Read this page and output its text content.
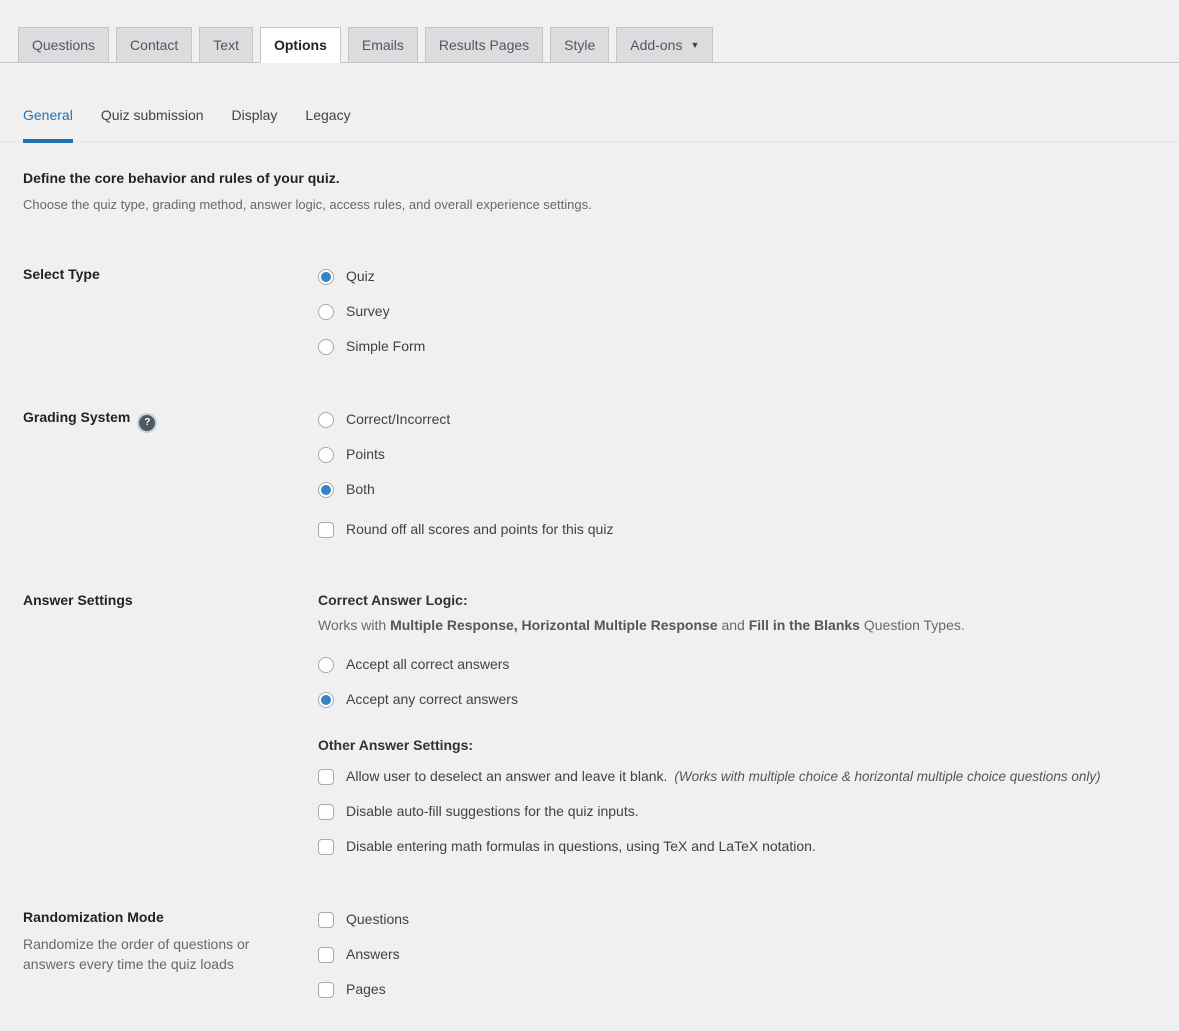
Questions	Contact	Text	Options	Emails	Results Pages	Style	Add-ons ▼
General Quiz submission Display Legacy

Define the core behavior and rules of your quiz.

Choose the quiz type, grading method, answer logic, access rules, and overall experience settings.

Select Type	Quiz
Survey
Simple Form
Grading System ?	Correct/Incorrect
Points
Both
Round off all scores and points for this quiz
Answer Settings	Correct Answer Logic:

Works with Multiple Response, Horizontal Multiple Response and Fill in the Blanks Question Types.

Accept all correct answers
Accept any correct answers

Other Answer Settings:

Allow user to deselect an answer and leave it blank. (Works with multiple choice & horizontal multiple choice questions only)
Disable auto-fill suggestions for the quiz inputs.
Disable entering math formulas in questions, using TeX and LaTeX notation.
Randomization Mode

Randomize the order of questions or answers every time the quiz loads

Questions
Answers
Pages
